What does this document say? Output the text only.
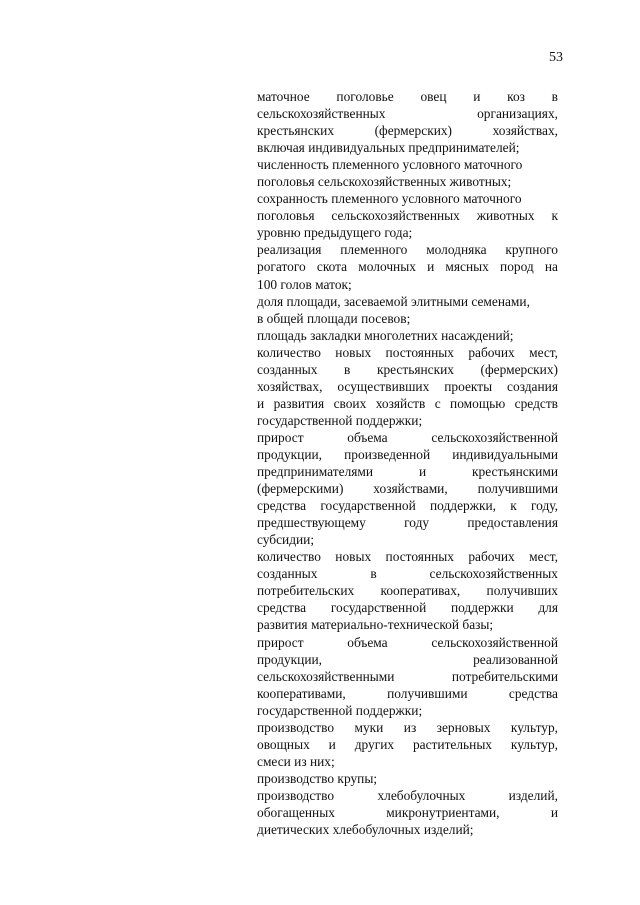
53
маточное поголовье овец и коз в
сельскохозяйственных организациях,
крестьянских (фермерских) хозяйствах,
включая индивидуальных предпринимателей;
численность племенного условного маточного
поголовья сельскохозяйственных животных;
сохранность племенного условного маточного
поголовья сельскохозяйственных животных к
уровню предыдущего года;
реализация племенного молодняка крупного
рогатого скота молочных и мясных пород на
100 голов маток;
доля площади, засеваемой элитными семенами,
в общей площади посевов;
площадь закладки многолетних насаждений;
количество новых постоянных рабочих мест,
созданных в крестьянских (фермерских)
хозяйствах, осуществивших проекты создания
и развития своих хозяйств с помощью средств
государственной поддержки;
прирост объема сельскохозяйственной
продукции, произведенной индивидуальными
предпринимателями и крестьянскими
(фермерскими) хозяйствами, получившими
средства государственной поддержки, к году,
предшествующему году предоставления
субсидии;
количество новых постоянных рабочих мест,
созданных в сельскохозяйственных
потребительских кооперативах, получивших
средства государственной поддержки для
развития материально-технической базы;
прирост объема сельскохозяйственной
продукции, реализованной
сельскохозяйственными потребительскими
кооперативами, получившими средства
государственной поддержки;
производство муки из зерновых культур,
овощных и других растительных культур,
смеси из них;
производство крупы;
производство хлебобулочных изделий,
обогащенных микронутриентами, и
диетических хлебобулочных изделий;
